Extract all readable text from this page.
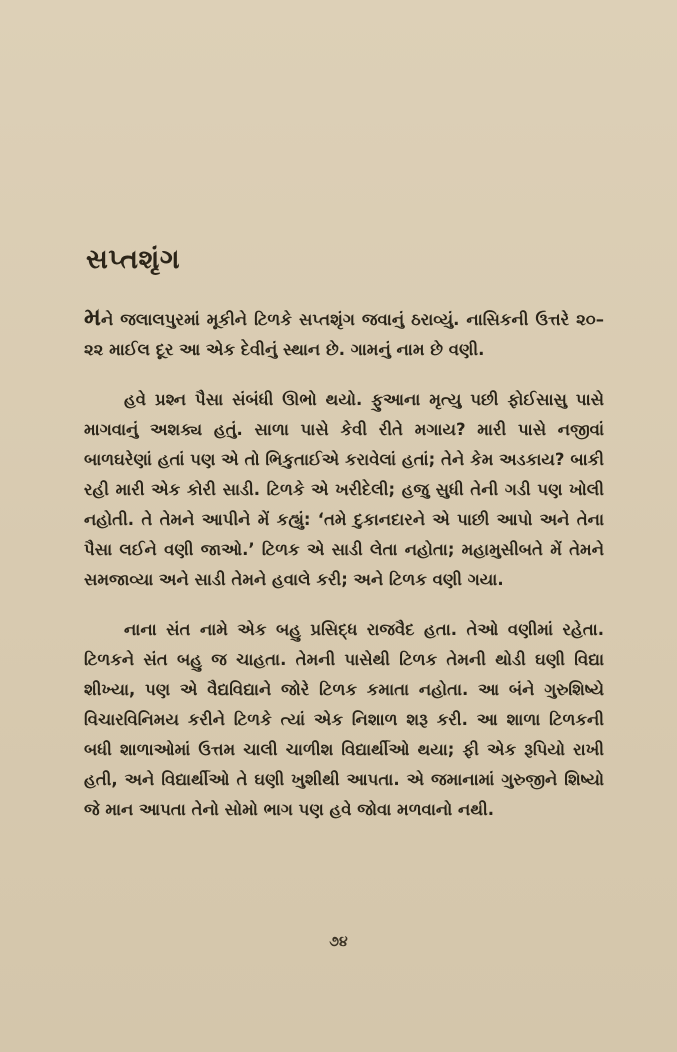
સપ્તશૃંગ

મને જલાલપુરમાં મૂકીને ટિળકે સપ્તશૃંગ જવાનું ઠરાવ્યું. નાસિકની ઉત્તરે ૨૦–૨૨ માઈલ દૂર આ એક દેવીનું સ્થાન છે. ગામનું નામ છે વણી.

હવે પ્રશ્ન પૈસા સંબંધી ઊભો થયો. ફુઆના મૃત્યુ પછી ફોઈસાસુ પાસે માગવાનું અશક્ય હતું. સાળા પાસે કેવી રીતે મગાય? મારી પાસે નજીવાં બાળઘરેણાં હતાં પણ એ તો ભિકુતાઈએ કરાવેલાં હતાં; તેને કેમ અડકાય? બાકી રહી મારી એક કોરી સાડી. ટિળકે એ ખરીદેલી; હજુ સુધી તેની ગડી પણ ખોલી નહોતી. તે તેમને આપીને મેં કહ્યું: ‘તમે દુકાનદારને એ પાછી આપો અને તેના પૈસા લઈને વણી જાઓ.’ ટિળક એ સાડી લેતા નહોતા; મહામુસીબતે મેં તેમને સમજાવ્યા અને સાડી તેમને હવાલે કરી; અને ટિળક વણી ગયા.

નાના સંત નામે એક બહુ પ્રસિદ્ધ રાજવૈદ હતા. તેઓ વણીમાં રહેતા. ટિળકને સંત બહુ જ ચાહતા. તેમની પાસેથી ટિળક તેમની થોડી ઘણી વિદ્યા શીખ્યા, પણ એ વૈદ્યવિદ્યાને જોરે ટિળક કમાતા નહોતા. આ બંને ગુરુશિષ્યે વિચારવિનિમય કરીને ટિળકે ત્યાં એક નિશાળ શરૂ કરી. આ શાળા ટિળકની બધી શાળાઓમાં ઉત્તમ ચાલી ચાળીશ વિદ્યાર્થીઓ થયા; ફી એક રૂપિયો રાખી હતી, અને વિદ્યાર્થીઓ તે ઘણી ખુશીથી આપતા. એ જમાનામાં ગુરુજીને શિષ્યો જે માન આપતા તેનો સોમો ભાગ પણ હવે જોવા મળવાનો નથી.

૭૪
